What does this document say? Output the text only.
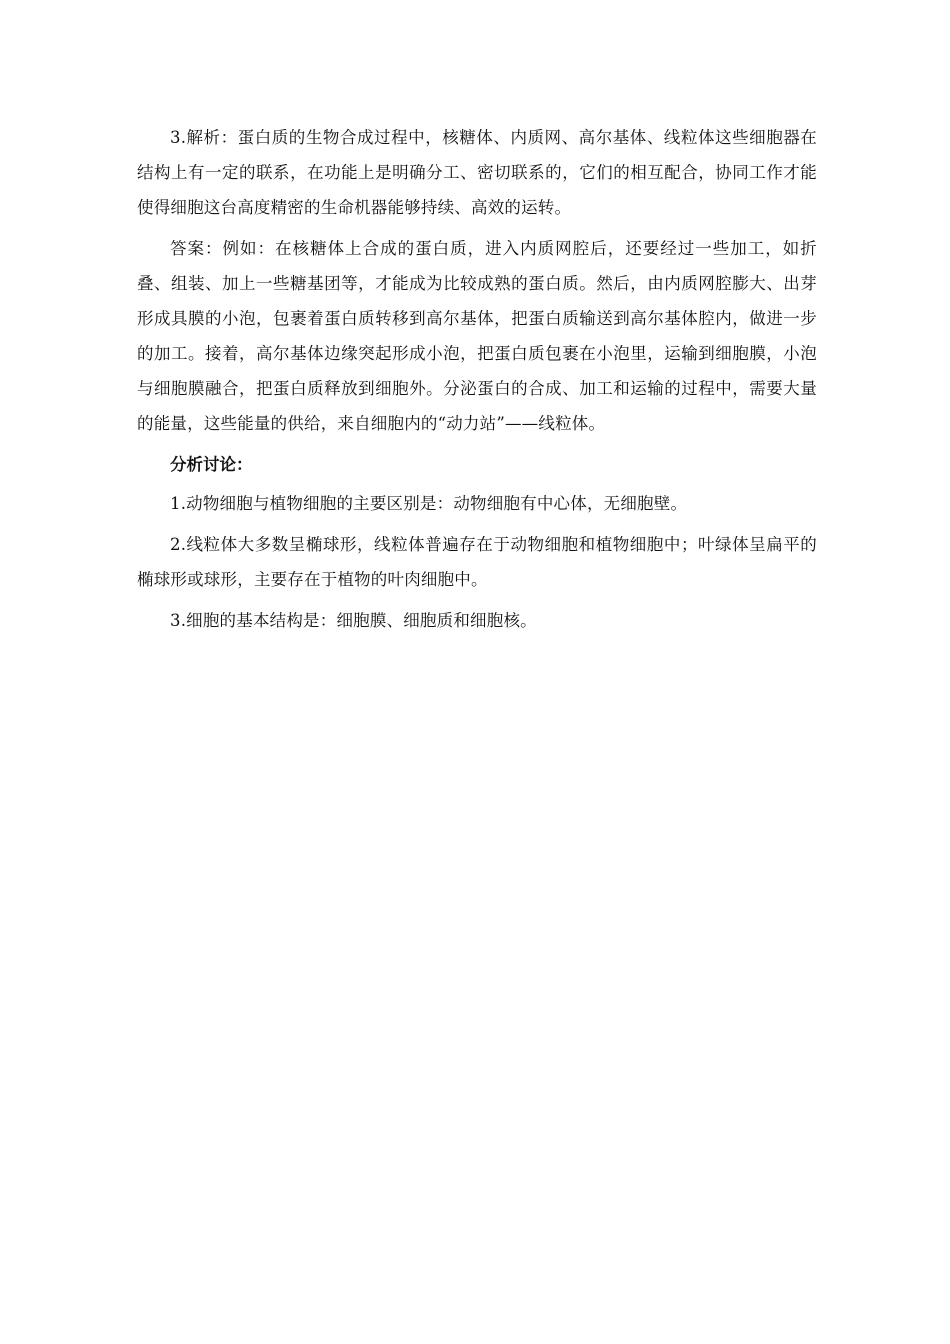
3.解析：蛋白质的生物合成过程中，核糖体、内质网、高尔基体、线粒体这些细胞器在结构上有一定的联系，在功能上是明确分工、密切联系的，它们的相互配合，协同工作才能使得细胞这台高度精密的生命机器能够持续、高效的运转。

答案：例如：在核糖体上合成的蛋白质，进入内质网腔后，还要经过一些加工，如折叠、组装、加上一些糖基团等，才能成为比较成熟的蛋白质。然后，由内质网腔膨大、出芽形成具膜的小泡，包裹着蛋白质转移到高尔基体，把蛋白质输送到高尔基体腔内，做进一步的加工。接着，高尔基体边缘突起形成小泡，把蛋白质包裹在小泡里，运输到细胞膜，小泡与细胞膜融合，把蛋白质释放到细胞外。分泌蛋白的合成、加工和运输的过程中，需要大量的能量，这些能量的供给，来自细胞内的“动力站”——线粒体。

分析讨论：

1.动物细胞与植物细胞的主要区别是：动物细胞有中心体，无细胞壁。

2.线粒体大多数呈椭球形，线粒体普遍存在于动物细胞和植物细胞中；叶绿体呈扁平的椭球形或球形，主要存在于植物的叶肉细胞中。

3.细胞的基本结构是：细胞膜、细胞质和细胞核。
